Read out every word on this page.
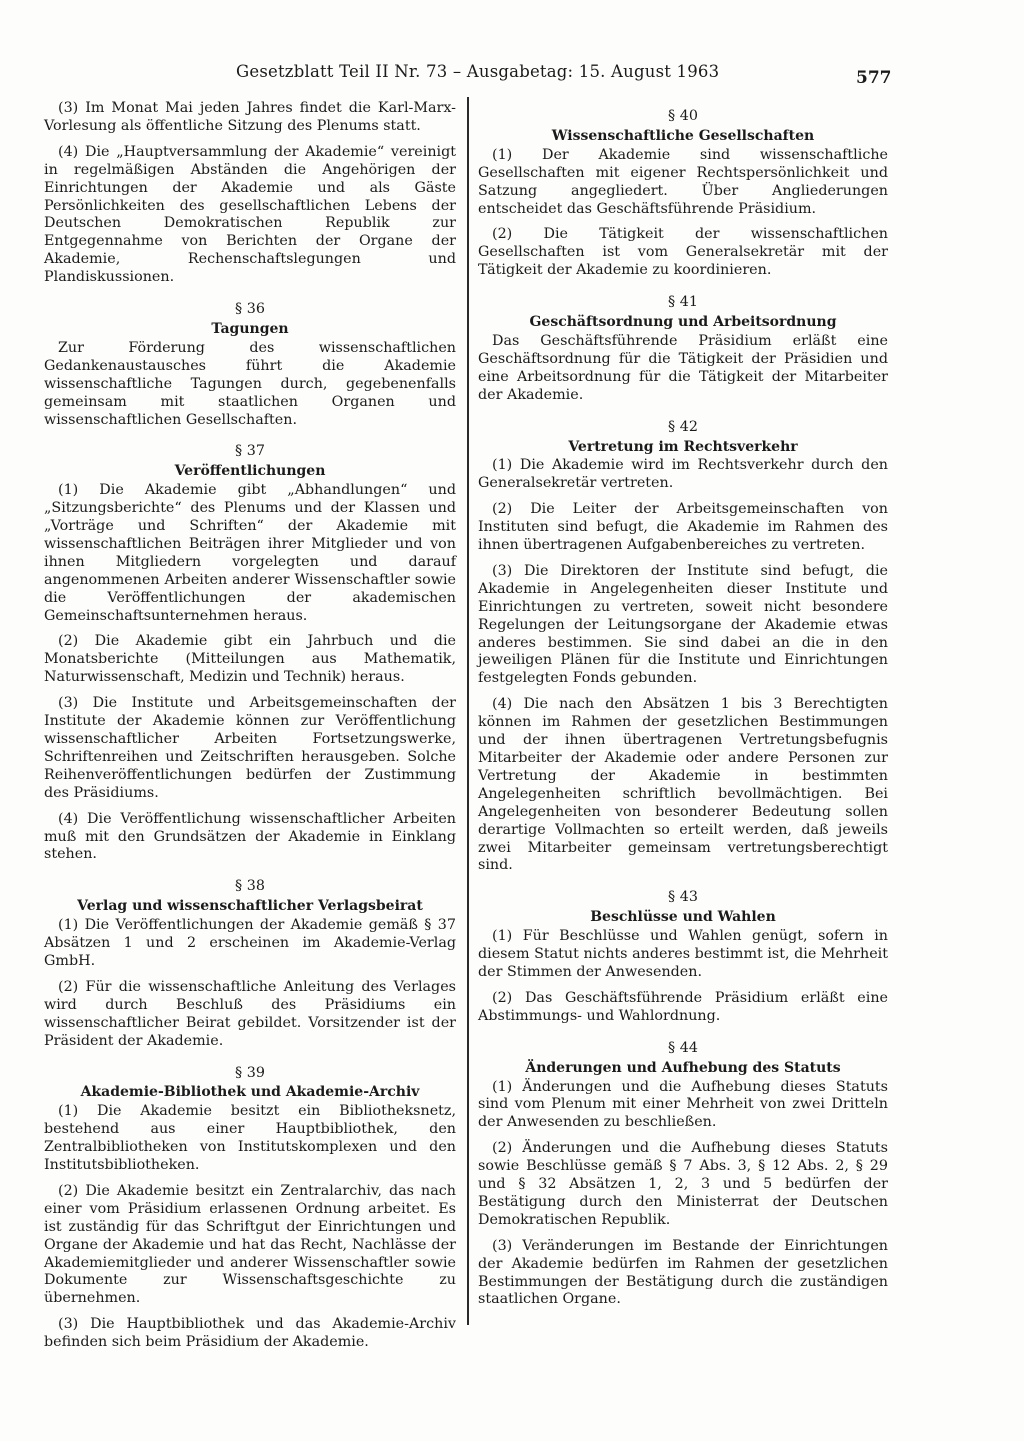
Gesetzblatt Teil II Nr. 73 – Ausgabetag: 15. August 1963	577

(3) Im Monat Mai jeden Jahres findet die Karl-Marx-Vorlesung als öffentliche Sitzung des Plenums statt.

(4) Die „Hauptversammlung der Akademie“ vereinigt in regelmäßigen Abständen die Angehörigen der Einrichtungen der Akademie und als Gäste Persönlichkeiten des gesellschaftlichen Lebens der Deutschen Demokratischen Republik zur Entgegennahme von Berichten der Organe der Akademie, Rechenschaftslegungen und Plandiskussionen.

§ 36
Tagungen

Zur Förderung des wissenschaftlichen Gedankenaustausches führt die Akademie wissenschaftliche Tagungen durch, gegebenenfalls gemeinsam mit staatlichen Organen und wissenschaftlichen Gesellschaften.

§ 37
Veröffentlichungen

(1) Die Akademie gibt „Abhandlungen“ und „Sitzungsberichte“ des Plenums und der Klassen und „Vorträge und Schriften“ der Akademie mit wissenschaftlichen Beiträgen ihrer Mitglieder und von ihnen Mitgliedern vorgelegten und darauf angenommenen Arbeiten anderer Wissenschaftler sowie die Veröffentlichungen der akademischen Gemeinschaftsunternehmen heraus.

(2) Die Akademie gibt ein Jahrbuch und die Monatsberichte (Mitteilungen aus Mathematik, Naturwissenschaft, Medizin und Technik) heraus.

(3) Die Institute und Arbeitsgemeinschaften der Institute der Akademie können zur Veröffentlichung wissenschaftlicher Arbeiten Fortsetzungswerke, Schriftenreihen und Zeitschriften herausgeben. Solche Reihenveröffentlichungen bedürfen der Zustimmung des Präsidiums.

(4) Die Veröffentlichung wissenschaftlicher Arbeiten muß mit den Grundsätzen der Akademie in Einklang stehen.

§ 38
Verlag und wissenschaftlicher Verlagsbeirat

(1) Die Veröffentlichungen der Akademie gemäß § 37 Absätzen 1 und 2 erscheinen im Akademie-Verlag GmbH.

(2) Für die wissenschaftliche Anleitung des Verlages wird durch Beschluß des Präsidiums ein wissenschaftlicher Beirat gebildet. Vorsitzender ist der Präsident der Akademie.

§ 39
Akademie-Bibliothek und Akademie-Archiv

(1) Die Akademie besitzt ein Bibliotheksnetz, bestehend aus einer Hauptbibliothek, den Zentralbibliotheken von Institutskomplexen und den Institutsbibliotheken.

(2) Die Akademie besitzt ein Zentralarchiv, das nach einer vom Präsidium erlassenen Ordnung arbeitet. Es ist zuständig für das Schriftgut der Einrichtungen und Organe der Akademie und hat das Recht, Nachlässe der Akademiemitglieder und anderer Wissenschaftler sowie Dokumente zur Wissenschaftsgeschichte zu übernehmen.

(3) Die Hauptbibliothek und das Akademie-Archiv befinden sich beim Präsidium der Akademie.

§ 40
Wissenschaftliche Gesellschaften

(1) Der Akademie sind wissenschaftliche Gesellschaften mit eigener Rechtspersönlichkeit und Satzung angegliedert. Über Angliederungen entscheidet das Geschäftsführende Präsidium.

(2) Die Tätigkeit der wissenschaftlichen Gesellschaften ist vom Generalsekretär mit der Tätigkeit der Akademie zu koordinieren.

§ 41
Geschäftsordnung und Arbeitsordnung

Das Geschäftsführende Präsidium erläßt eine Geschäftsordnung für die Tätigkeit der Präsidien und eine Arbeitsordnung für die Tätigkeit der Mitarbeiter der Akademie.

§ 42
Vertretung im Rechtsverkehr

(1) Die Akademie wird im Rechtsverkehr durch den Generalsekretär vertreten.

(2) Die Leiter der Arbeitsgemeinschaften von Instituten sind befugt, die Akademie im Rahmen des ihnen übertragenen Aufgabenbereiches zu vertreten.

(3) Die Direktoren der Institute sind befugt, die Akademie in Angelegenheiten dieser Institute und Einrichtungen zu vertreten, soweit nicht besondere Regelungen der Leitungsorgane der Akademie etwas anderes bestimmen. Sie sind dabei an die in den jeweiligen Plänen für die Institute und Einrichtungen festgelegten Fonds gebunden.

(4) Die nach den Absätzen 1 bis 3 Berechtigten können im Rahmen der gesetzlichen Bestimmungen und der ihnen übertragenen Vertretungsbefugnis Mitarbeiter der Akademie oder andere Personen zur Vertretung der Akademie in bestimmten Angelegenheiten schriftlich bevollmächtigen. Bei Angelegenheiten von besonderer Bedeutung sollen derartige Vollmachten so erteilt werden, daß jeweils zwei Mitarbeiter gemeinsam vertretungsberechtigt sind.

§ 43
Beschlüsse und Wahlen

(1) Für Beschlüsse und Wahlen genügt, sofern in diesem Statut nichts anderes bestimmt ist, die Mehrheit der Stimmen der Anwesenden.

(2) Das Geschäftsführende Präsidium erläßt eine Abstimmungs- und Wahlordnung.

§ 44
Änderungen und Aufhebung des Statuts

(1) Änderungen und die Aufhebung dieses Statuts sind vom Plenum mit einer Mehrheit von zwei Dritteln der Anwesenden zu beschließen.

(2) Änderungen und die Aufhebung dieses Statuts sowie Beschlüsse gemäß § 7 Abs. 3, § 12 Abs. 2, § 29 und § 32 Absätzen 1, 2, 3 und 5 bedürfen der Bestätigung durch den Ministerrat der Deutschen Demokratischen Republik.

(3) Veränderungen im Bestande der Einrichtungen der Akademie bedürfen im Rahmen der gesetzlichen Bestimmungen der Bestätigung durch die zuständigen staatlichen Organe.
